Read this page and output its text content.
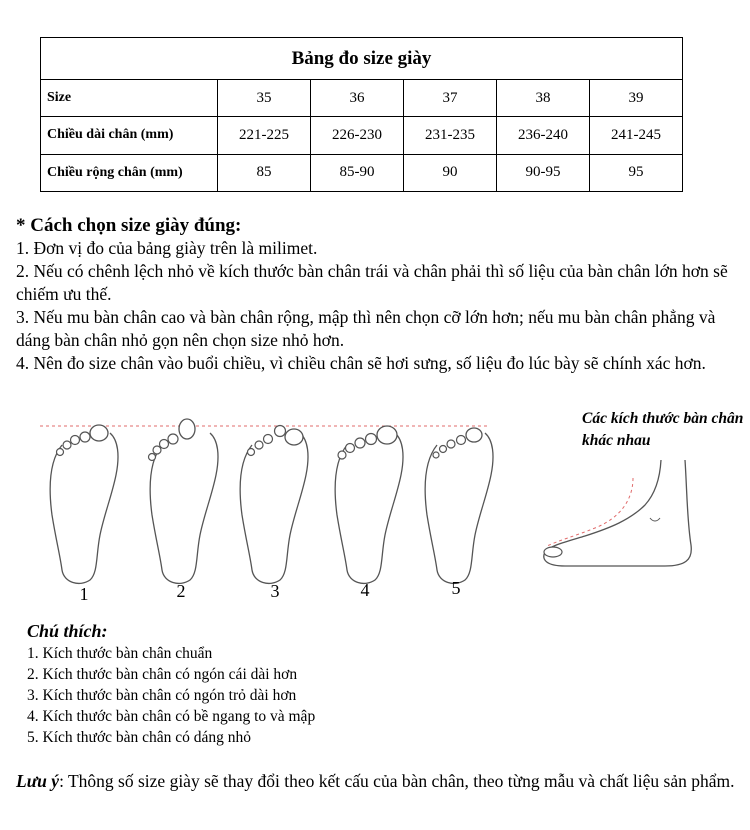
Bảng đo size giày					
Size	35	36	37	38	39
Chiều dài chân (mm)	221-225	226-230	231-235	236-240	241-245
Chiều rộng chân (mm)	85	85-90	90	90-95	95
* Cách chọn size giày đúng:
1. Đơn vị đo của bảng giày trên là milimet.
2. Nếu có chênh lệch nhỏ về kích thước bàn chân trái và chân phải thì số liệu của bàn chân lớn hơn sẽ chiếm ưu thế.
3. Nếu mu bàn chân cao và bàn chân rộng, mập thì nên chọn cỡ lớn hơn; nếu mu bàn chân phẳng và dáng bàn chân nhỏ gọn nên chọn size nhỏ hơn.
4. Nên đo size chân vào buổi chiều, vì chiều chân sẽ hơi sưng, số liệu đo lúc bày sẽ chính xác hơn.
1	2	3	4	5
Các kích thước bàn chân khác nhau
Chú thích:
1. Kích thước bàn chân chuẩn
2. Kích thước bàn chân có ngón cái dài hơn
3. Kích thước bàn chân có ngón trỏ dài hơn
4. Kích thước bàn chân có bề ngang to và mập
5. Kích thước bàn chân có dáng nhỏ
Lưu ý: Thông số size giày sẽ thay đổi theo kết cấu của bàn chân, theo từng mẫu và chất liệu sản phẩm.
